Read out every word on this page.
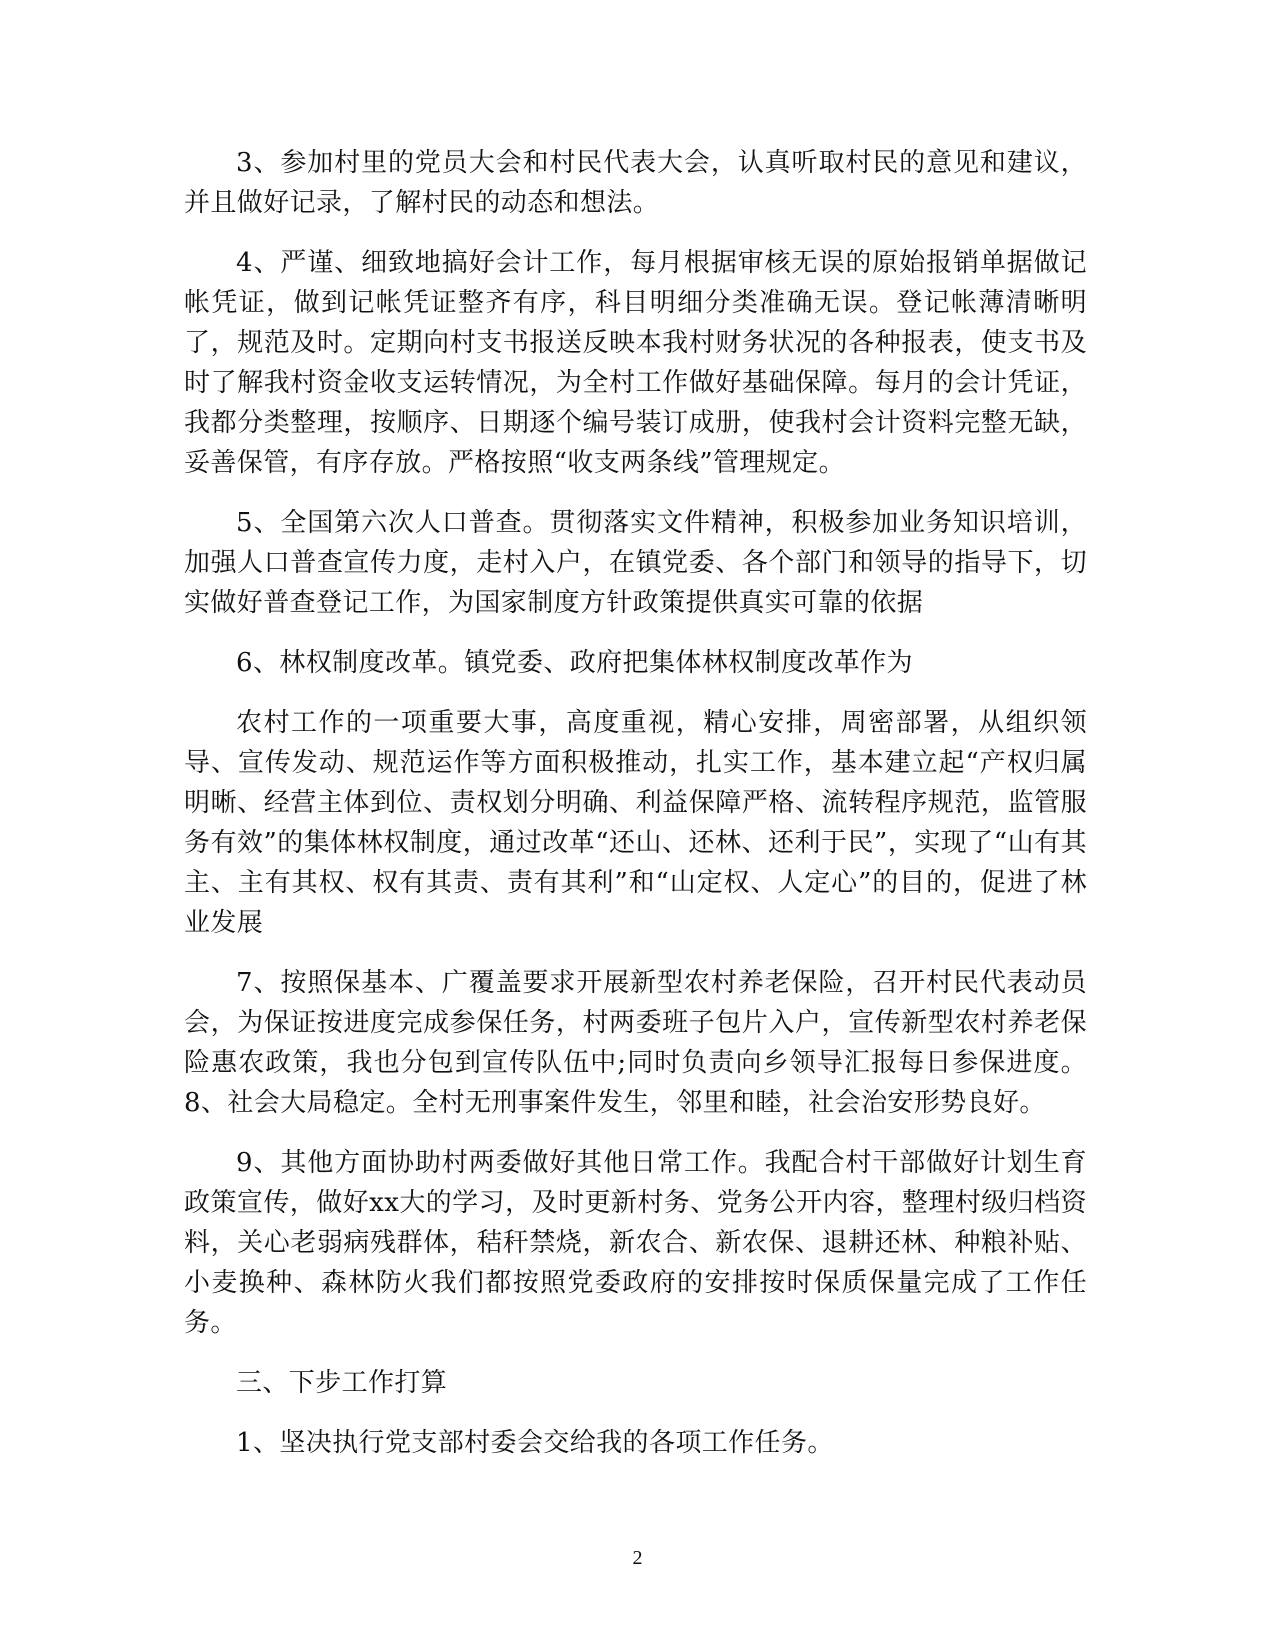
3、参加村里的党员大会和村民代表大会，认真听取村民的意见和建议，并且做好记录，了解村民的动态和想法。

4、严谨、细致地搞好会计工作，每月根据审核无误的原始报销单据做记帐凭证，做到记帐凭证整齐有序，科目明细分类准确无误。登记帐薄清晰明了，规范及时。定期向村支书报送反映本我村财务状况的各种报表，使支书及时了解我村资金收支运转情况，为全村工作做好基础保障。每月的会计凭证，我都分类整理，按顺序、日期逐个编号装订成册，使我村会计资料完整无缺，妥善保管，有序存放。严格按照“收支两条线”管理规定。

5、全国第六次人口普查。贯彻落实文件精神，积极参加业务知识培训，加强人口普查宣传力度，走村入户，在镇党委、各个部门和领导的指导下，切实做好普查登记工作，为国家制度方针政策提供真实可靠的依据

6、林权制度改革。镇党委、政府把集体林权制度改革作为

农村工作的一项重要大事，高度重视，精心安排，周密部署，从组织领导、宣传发动、规范运作等方面积极推动，扎实工作，基本建立起“产权归属明晰、经营主体到位、责权划分明确、利益保障严格、流转程序规范，监管服务有效”的集体林权制度，通过改革“还山、还林、还利于民”，实现了“山有其主、主有其权、权有其责、责有其利”和“山定权、人定心”的目的，促进了林业发展

7、按照保基本、广覆盖要求开展新型农村养老保险，召开村民代表动员会，为保证按进度完成参保任务，村两委班子包片入户，宣传新型农村养老保险惠农政策，我也分包到宣传队伍中;同时负责向乡领导汇报每日参保进度。8、社会大局稳定。全村无刑事案件发生，邻里和睦，社会治安形势良好。

9、其他方面协助村两委做好其他日常工作。我配合村干部做好计划生育政策宣传，做好xx大的学习，及时更新村务、党务公开内容，整理村级归档资料，关心老弱病残群体，秸秆禁烧，新农合、新农保、退耕还林、种粮补贴、小麦换种、森林防火我们都按照党委政府的安排按时保质保量完成了工作任务。

三、下步工作打算

1、坚决执行党支部村委会交给我的各项工作任务。

2
